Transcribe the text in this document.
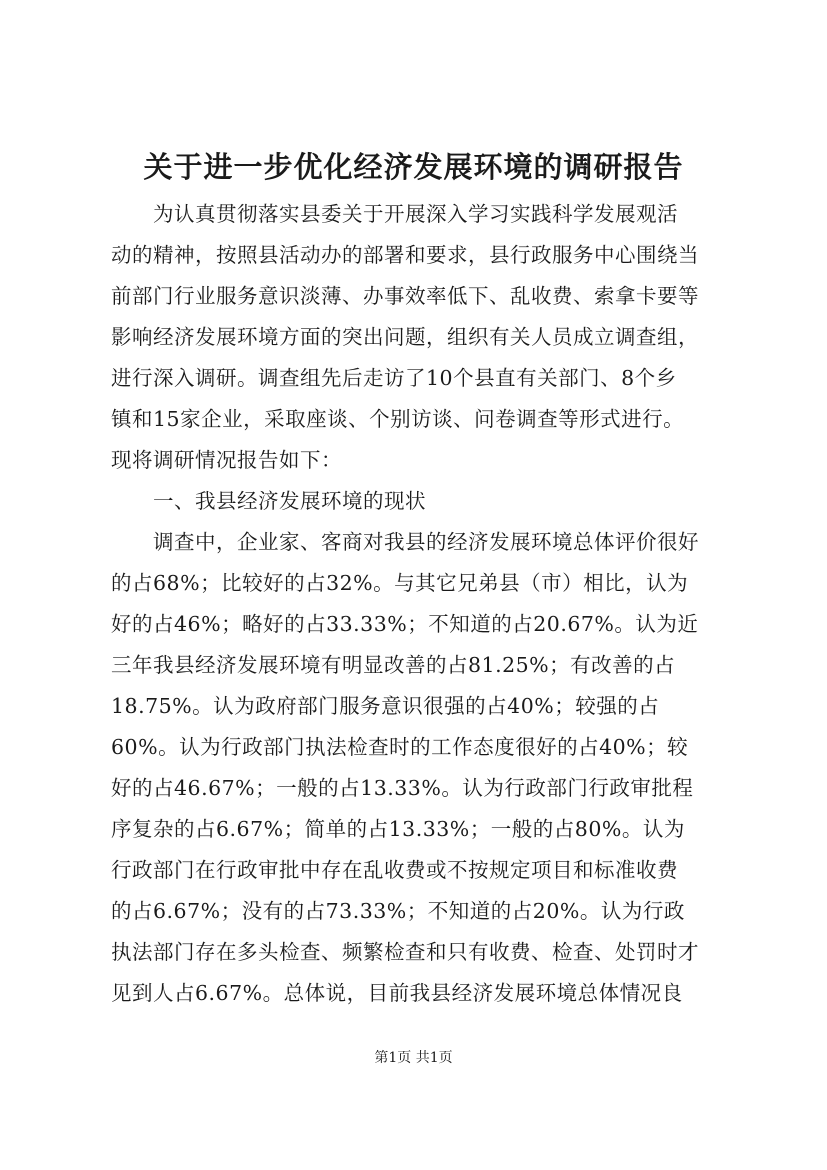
关于进一步优化经济发展环境的调研报告
为认真贯彻落实县委关于开展深入学习实践科学发展观活
动的精神，按照县活动办的部署和要求，县行政服务中心围绕当
前部门行业服务意识淡薄、办事效率低下、乱收费、索拿卡要等
影响经济发展环境方面的突出问题，组织有关人员成立调查组，
进行深入调研。调查组先后走访了10个县直有关部门、8个乡
镇和15家企业，采取座谈、个别访谈、问卷调查等形式进行。
现将调研情况报告如下：
一、我县经济发展环境的现状
调查中，企业家、客商对我县的经济发展环境总体评价很好
的占68%；比较好的占32%。与其它兄弟县（市）相比，认为
好的占46%；略好的占33.33%；不知道的占20.67%。认为近
三年我县经济发展环境有明显改善的占81.25%；有改善的占
18.75%。认为政府部门服务意识很强的占40%；较强的占
60%。认为行政部门执法检查时的工作态度很好的占40%；较
好的占46.67%；一般的占13.33%。认为行政部门行政审批程
序复杂的占6.67%；简单的占13.33%；一般的占80%。认为
行政部门在行政审批中存在乱收费或不按规定项目和标准收费
的占6.67%；没有的占73.33%；不知道的占20%。认为行政
执法部门存在多头检查、频繁检查和只有收费、检查、处罚时才
见到人占6.67%。总体说，目前我县经济发展环境总体情况良
第1页 共1页
